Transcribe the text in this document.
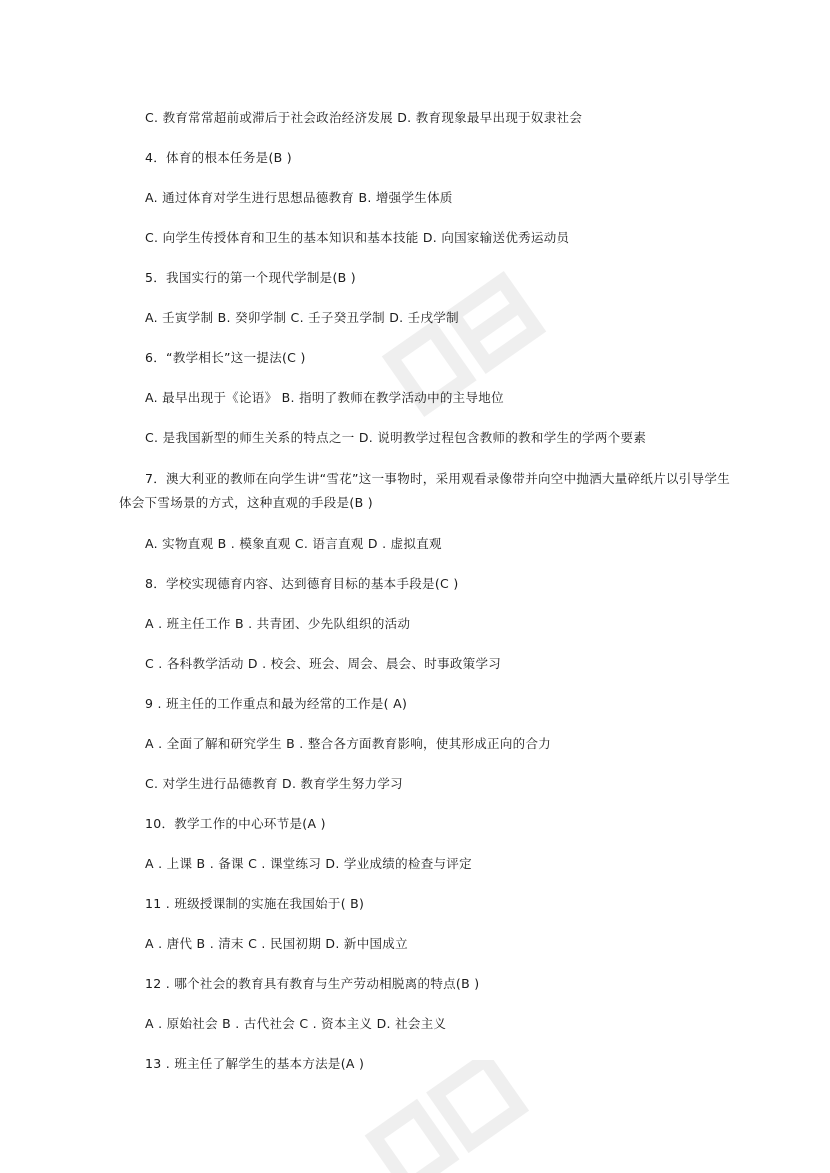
C. 教育常常超前或滞后于社会政治经济发展 D. 教育现象最早出现于奴隶社会
4．体育的根本任务是(B )
A. 通过体育对学生进行思想品德教育 B. 增强学生体质
C. 向学生传授体育和卫生的基本知识和基本技能 D. 向国家输送优秀运动员
5．我国实行的第一个现代学制是(B )
A. 壬寅学制 B. 癸卯学制 C. 壬子癸丑学制 D. 壬戌学制
6．“教学相长”这一提法(C )
A. 最早出现于《论语》 B. 指明了教师在教学活动中的主导地位
C. 是我国新型的师生关系的特点之一 D. 说明教学过程包含教师的教和学生的学两个要素
7．澳大利亚的教师在向学生讲“雪花”这一事物时，采用观看录像带并向空中抛洒大量碎纸片以引导学生体会下雪场景的方式，这种直观的手段是(B )
A. 实物直观 B . 模象直观 C. 语言直观 D . 虚拟直观
8．学校实现德育内容、达到德育目标的基本手段是(C )
A . 班主任工作 B . 共青团、少先队组织的活动
C . 各科教学活动 D . 校会、班会、周会、晨会、时事政策学习
9 . 班主任的工作重点和最为经常的工作是( A)
A . 全面了解和研究学生 B . 整合各方面教育影响，使其形成正向的合力
C. 对学生进行品德教育 D. 教育学生努力学习
10．教学工作的中心环节是(A )
A . 上课 B . 备课 C . 课堂练习 D. 学业成绩的检查与评定
11 . 班级授课制的实施在我国始于( B)
A . 唐代 B . 清末 C . 民国初期 D. 新中国成立
12 . 哪个社会的教育具有教育与生产劳动相脱离的特点(B )
A . 原始社会 B . 古代社会 C . 资本主义 D. 社会主义
13 . 班主任了解学生的基本方法是(A )
